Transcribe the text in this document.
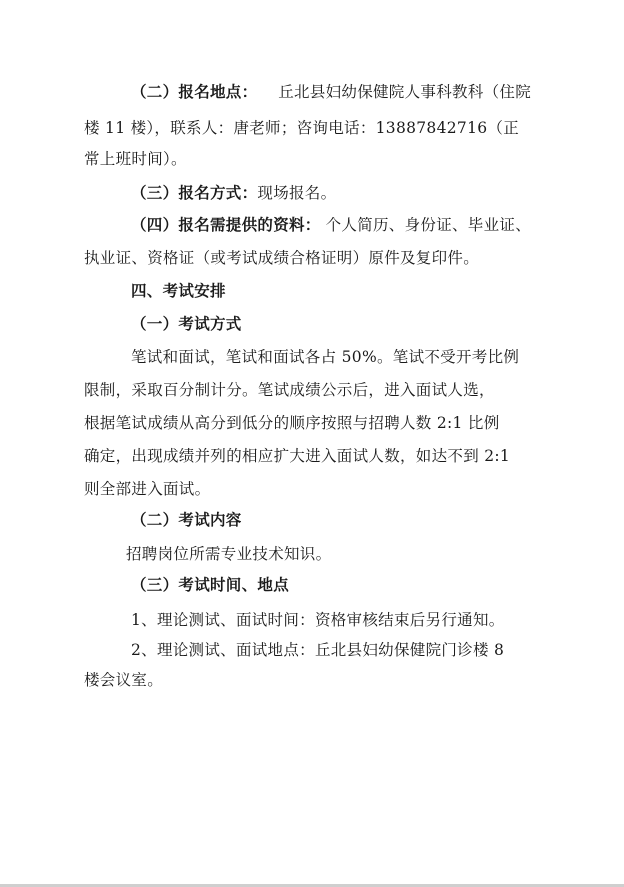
（二）报名地点： 丘北县妇幼保健院人事科教科（住院
楼 11 楼），联系人：唐老师；咨询电话：13887842716（正
常上班时间）。
（三）报名方式：现场报名。
（四）报名需提供的资料： 个人简历、身份证、毕业证、
执业证、资格证（或考试成绩合格证明）原件及复印件。
四、考试安排
（一）考试方式
笔试和面试，笔试和面试各占 50%。笔试不受开考比例
限制，采取百分制计分。笔试成绩公示后，进入面试人选，
根据笔试成绩从高分到低分的顺序按照与招聘人数 2:1 比例
确定，出现成绩并列的相应扩大进入面试人数，如达不到 2:1
则全部进入面试。
（二）考试内容
招聘岗位所需专业技术知识。
（三）考试时间、地点
1、理论测试、面试时间：资格审核结束后另行通知。
2、理论测试、面试地点：丘北县妇幼保健院门诊楼 8
楼会议室。
